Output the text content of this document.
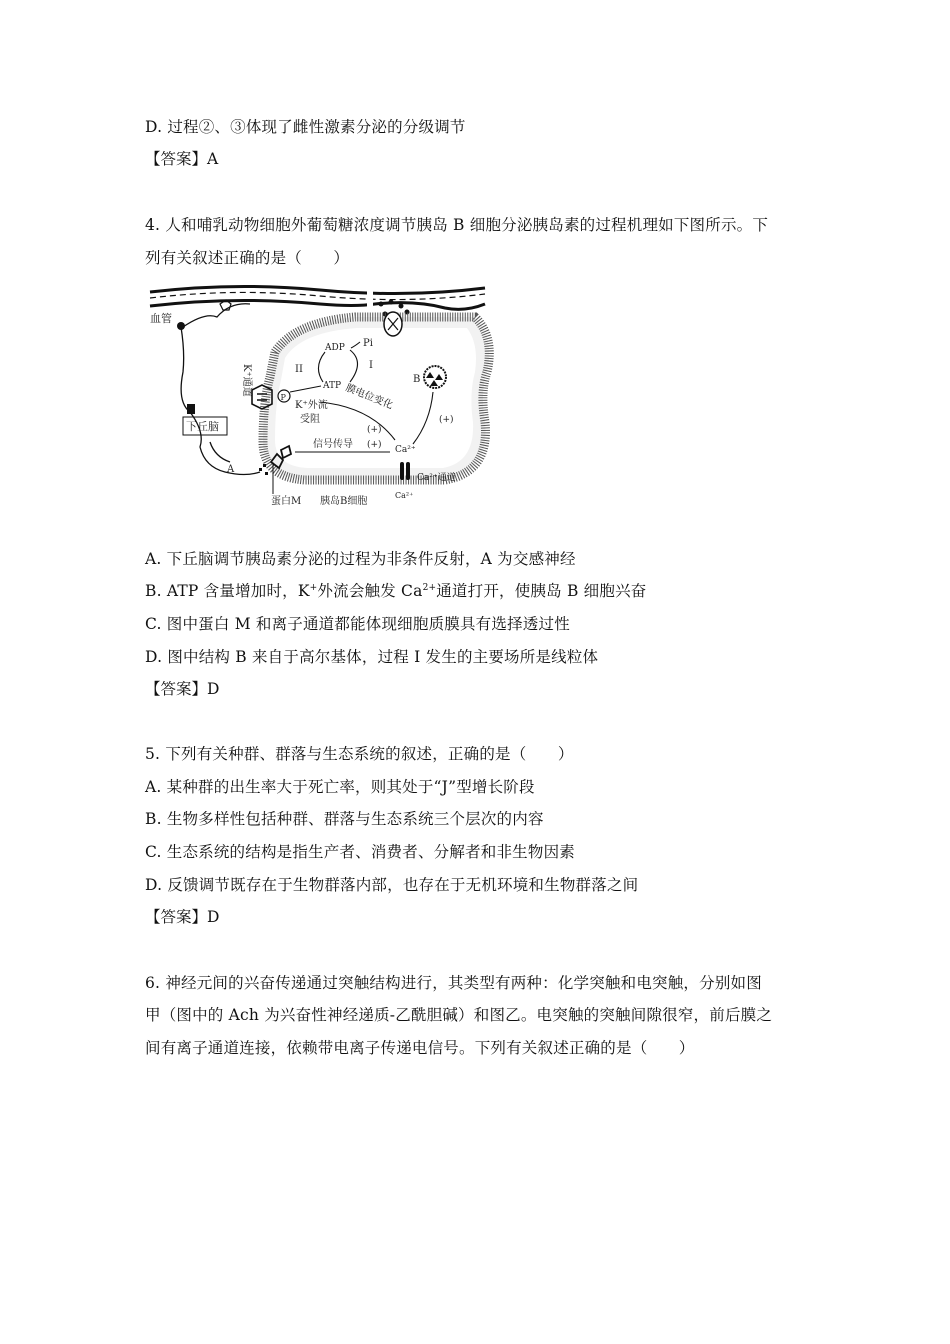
D. 过程②、③体现了雌性激素分泌的分级调节
【答案】A
4. 人和哺乳动物细胞外葡萄糖浓度调节胰岛 B 细胞分泌胰岛素的过程机理如下图所示。下
列有关叙述正确的是（　　）
血管
下丘脑
A
P
K⁺通道
K⁺外流
受阻
蛋白M 胰岛B细胞
ADP Pi
ATP
II	I
膜电位变化
(+)
信号传导 (+) Ca²⁺
Ca²⁺通道
Ca²⁺
B
(+)
A. 下丘脑调节胰岛素分泌的过程为非条件反射，A 为交感神经
B. ATP 含量增加时，K+外流会触发 $Ca^{2+}$通道打开，使胰岛 B 细胞兴奋
C. 图中蛋白 M 和离子通道都能体现细胞质膜具有选择透过性
D. 图中结构 B 来自于高尔基体，过程 I 发生的主要场所是线粒体
【答案】D
5. 下列有关种群、群落与生态系统的叙述，正确的是（　　）
A. 某种群的出生率大于死亡率，则其处于“J”型增长阶段
B. 生物多样性包括种群、群落与生态系统三个层次的内容
C. 生态系统的结构是指生产者、消费者、分解者和非生物因素
D. 反馈调节既存在于生物群落内部，也存在于无机环境和生物群落之间
【答案】D
6. 神经元间的兴奋传递通过突触结构进行，其类型有两种：化学突触和电突触，分别如图
甲（图中的 Ach 为兴奋性神经递质-乙酰胆碱）和图乙。电突触的突触间隙很窄，前后膜之
间有离子通道连接，依赖带电离子传递电信号。下列有关叙述正确的是（　　）
